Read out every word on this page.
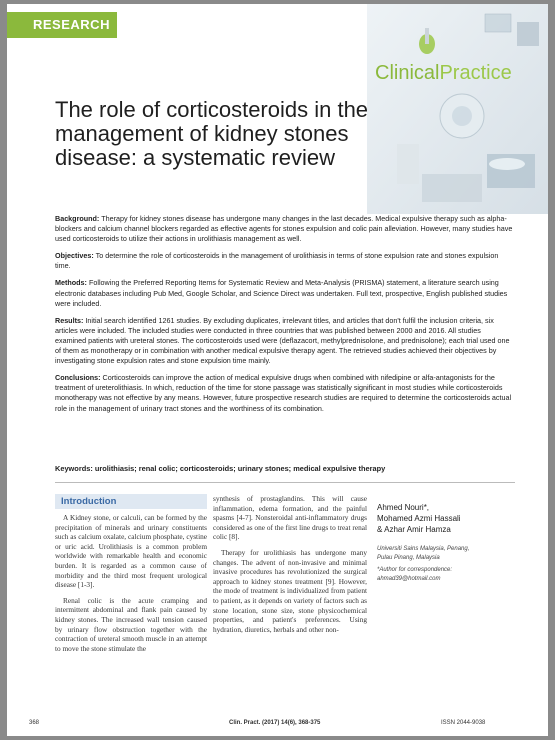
RESEARCH
ClinicalPractice
The role of corticosteroids in the management of kidney stones disease: a systematic review

Background: Therapy for kidney stones disease has undergone many changes in the last decades. Medical expulsive therapy such as alpha-blockers and calcium channel blockers regarded as effective agents for stones expulsion and colic pain alleviation. However, many studies have used corticosteroids to utilize their actions in urolithiasis management as well.

Objectives: To determine the role of corticosteroids in the management of urolithiasis in terms of stone expulsion rate and stones expulsion time.

Methods: Following the Preferred Reporting Items for Systematic Review and Meta-Analysis (PRISMA) statement, a literature search using electronic databases including Pub Med, Google Scholar, and Science Direct was undertaken. Full text, prospective, English published studies were included.

Results: Initial search identified 1261 studies. By excluding duplicates, irrelevant titles, and articles that don't fulfil the inclusion criteria, six articles were included. The included studies were conducted in three countries that was published between 2000 and 2016. All studies examined patients with ureteral stones. The corticosteroids used were (deflazacort, methylprednisolone, and prednisolone); each trial used one of them as monotherapy or in combination with another medical expulsive therapy agent. The retrieved studies achieved their objectives by investigating stone expulsion rates and stone expulsion time mainly.

Conclusions: Corticosteroids can improve the action of medical expulsive drugs when combined with nifedipine or alfa-antagonists for the treatment of ureterolithiasis. In which, reduction of the time for stone passage was statistically significant in most studies while corticosteroids monotherapy was not effective by any means. However, future prospective research studies are required to determine the corticosteroids actual role in the management of urinary tract stones and the worthiness of its combination.

Keywords: urolithiasis; renal colic; corticosteroids; urinary stones; medical expulsive therapy
Introduction

A Kidney stone, or calculi, can be formed by the precipitation of minerals and urinary constituents such as calcium oxalate, calcium phosphate, cystine or uric acid. Urolithiasis is a common problem worldwide with remarkable health and economic burden. It is regarded as a common cause of morbidity and the third most frequent urological disease [1-3].

Renal colic is the acute cramping and intermittent abdominal and flank pain caused by kidney stones. The increased wall tension caused by urinary flow obstruction together with the contraction of ureteral smooth muscle in an attempt to move the stone stimulate the

synthesis of prostaglandins. This will cause inflammation, edema formation, and the painful spasms [4-7]. Nonsteroidal anti-inflammatory drugs considered as one of the first line drugs to treat renal colic [8].

Therapy for urolithiasis has undergone many changes. The advent of non-invasive and minimal invasive procedures has revolutionized the surgical approach to kidney stones treatment [9]. However, the mode of treatment is individualized from patient to patient, as it depends on variety of factors such as stone location, stone size, stone physicochemical properties, and patient's preferences. Using hydration, diuretics, herbals and other non-

Ahmed Nouri*,
Mohamed Azmi Hassali
& Azhar Amir Hamza
Universiti Sains Malaysia, Penang,
Pulau Pinang, Malaysia
*Author for correspondence:
ahmad39@hotmail.com
368	Clin. Pract. (2017) 14(6), 368-375	ISSN 2044-9038
